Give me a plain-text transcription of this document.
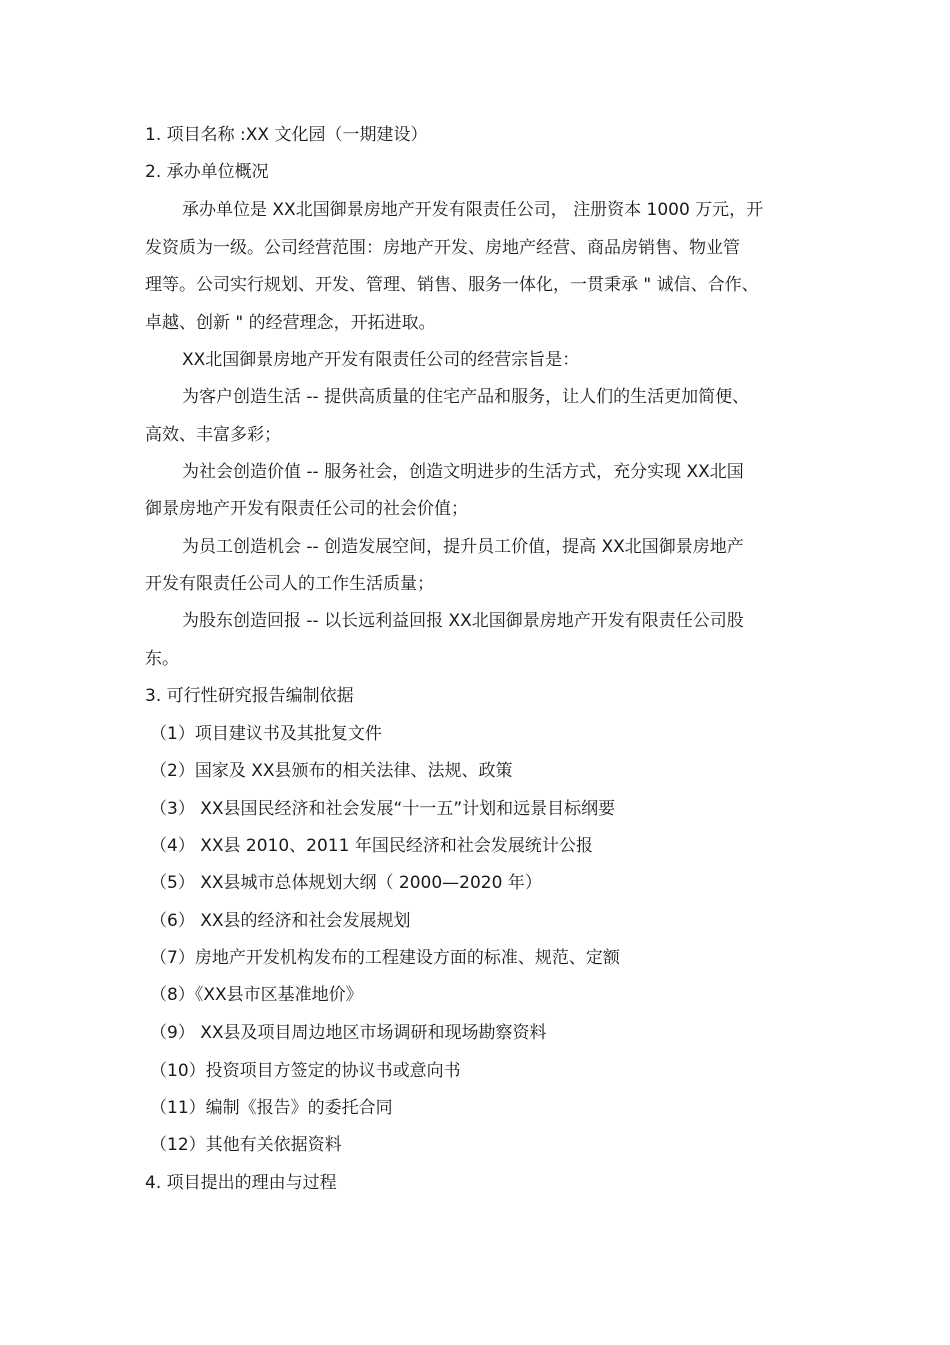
1. 项目名称 :XX 文化园（一期建设）
2. 承办单位概况
承办单位是 XX北国御景房地产开发有限责任公司， 注册资本 1000 万元，开
发资质为一级。公司经营范围：房地产开发、房地产经营、商品房销售、物业管
理等。公司实行规划、开发、管理、销售、服务一体化，一贯秉承 " 诚信、合作、
卓越、创新 " 的经营理念，开拓进取。
XX北国御景房地产开发有限责任公司的经营宗旨是：
为客户创造生活 -- 提供高质量的住宅产品和服务，让人们的生活更加简便、
高效、丰富多彩；
为社会创造价值 -- 服务社会，创造文明进步的生活方式，充分实现 XX北国
御景房地产开发有限责任公司的社会价值；
为员工创造机会 -- 创造发展空间，提升员工价值，提高 XX北国御景房地产
开发有限责任公司人的工作生活质量；
为股东创造回报 -- 以长远利益回报 XX北国御景房地产开发有限责任公司股
东。
3. 可行性研究报告编制依据
（1）项目建议书及其批复文件
（2）国家及 XX县颁布的相关法律、法规、政策
（3） XX县国民经济和社会发展“十一五”计划和远景目标纲要
（4） XX县 2010、2011 年国民经济和社会发展统计公报
（5） XX县城市总体规划大纲（ 2000—2020 年）
（6） XX县的经济和社会发展规划
（7）房地产开发机构发布的工程建设方面的标准、规范、定额
（8）《XX县市区基准地价》
（9） XX县及项目周边地区市场调研和现场勘察资料
（10）投资项目方签定的协议书或意向书
（11）编制《报告》的委托合同
（12）其他有关依据资料
4. 项目提出的理由与过程
